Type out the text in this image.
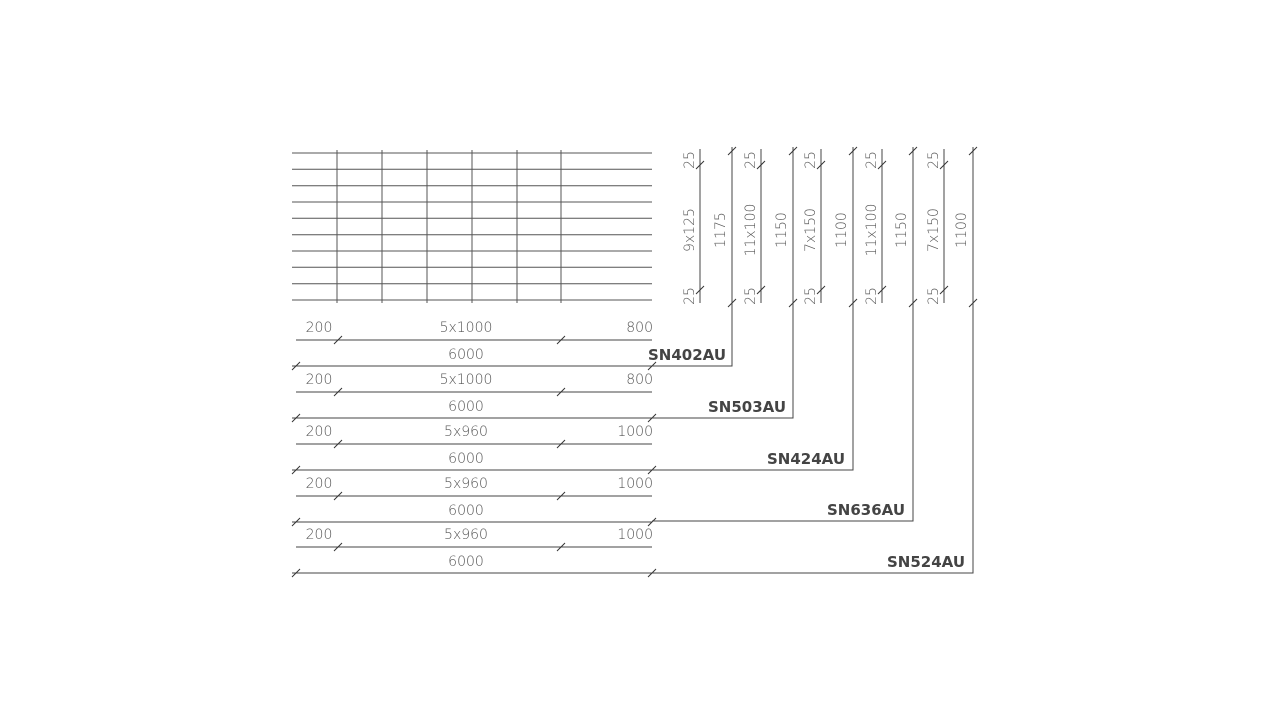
200	5x1000	800
6000
200	5x1000	800
6000
200	5x960	1000
6000
200	5x960	1000
6000
200	5x960	1000
6000
25
9x125
25
1175
25
11x100
25
1150
25
7x150
25
1100
25
11x100
25
1150
25
7x150
25
1100
SN402AU
SN503AU
SN424AU
SN636AU
SN524AU
